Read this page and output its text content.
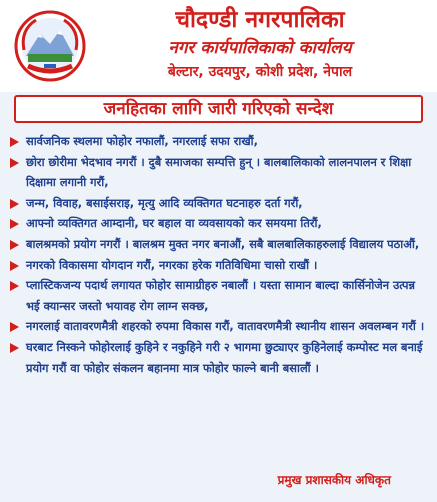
चौदण्डी नगरपालिका
नगर कार्यपालिकाको कार्यालय
बेल्टार, उदयपुर, कोशी प्रदेश, नेपाल
जनहितका लागि जारी गरिएको सन्देश
सार्वजनिक स्थलमा फोहोर नफालौं, नगरलाई सफा राखौं,
छोरा छोरीमा भेदभाव नगरौं । दुबै समाजका सम्पत्ति हुन् । बालबालिकाको लालनपालन र शिक्षा दिक्षामा लगानी गरौं,
जन्म, विवाह, बसाईसराइ, मृत्यु आदि व्यक्तिगत घटनाहरु दर्ता गरौं,
आफ्नो व्यक्तिगत आम्दानी, घर बहाल वा व्यवसायको कर समयमा तिरौं,
बालश्रमको प्रयोग नगरौं । बालश्रम मुक्त नगर बनाऔं, सबै बालबालिकाहरुलाई विद्यालय पठाऔं,
नगरको विकासमा योगदान गरौं, नगरका हरेक गतिविधिमा चासो राखौं ।
प्लास्टिकजन्य पदार्थ लगायत फोहोर सामाग्रीहरु नबालौं । यस्ता सामान बाल्दा कार्सिनोजेन उत्पन्न भई क्यान्सर जस्तो भयावह रोग लाग्न सक्छ,
नगरलाई वातावरणमैत्री शहरको रुपमा विकास गरौं, वातावरणमैत्री स्थानीय शासन अवलम्बन गरौं ।
घरबाट निस्कने फोहोरलाई कुहिने र नकुहिने गरी २ भागमा छुट्याएर कुहिनेलाई कम्पोस्ट मल बनाई प्रयोग गरौं वा फोहोर संकलन बहानमा मात्र फोहोर फाल्ने बानी बसालौं ।
प्रमुख प्रशासकीय अधिकृत
